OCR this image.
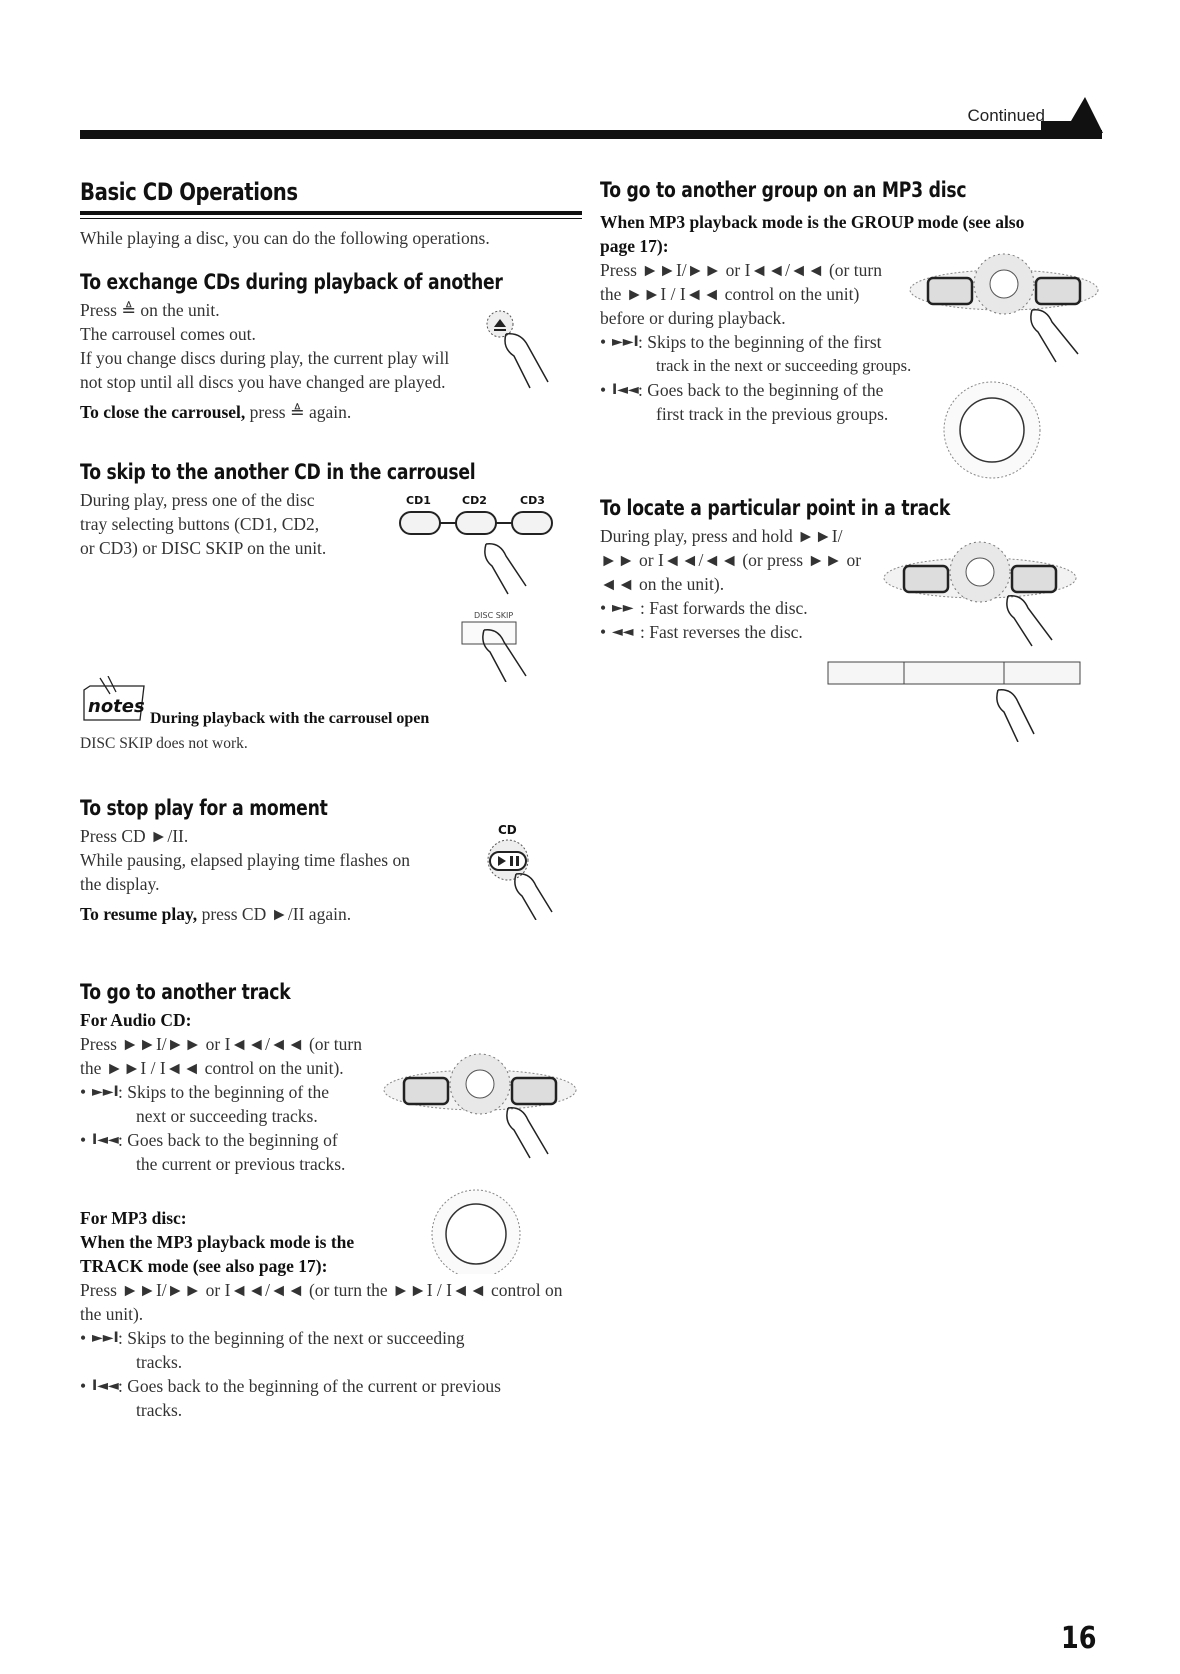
Continued
Basic CD Operations
While playing a disc, you can do the following operations.
To exchange CDs during playback of another
Press ≜ on the unit.
The carrousel comes out.
If you change discs during play, the current play will
not stop until all discs you have changed are played.
To close the carrousel, press ≜ again.
To skip to the another CD in the carrousel
During play, press one of the disc
tray selecting buttons (CD1, CD2,
or CD3) or DISC SKIP on the unit.
CD1	CD2	CD3
DISC SKIP
notes
During playback with the carrousel open
DISC SKIP does not work.
To stop play for a moment
Press CD ►/II.
While pausing, elapsed playing time flashes on
the display.
To resume play, press CD ►/II again.
CD
To go to another track
For Audio CD:
Press ►►I/►► or I◄◄/◄◄ (or turn
the ►►I / I◄◄ control on the unit).
• ►►I : Skips to the beginning of the
next or succeeding tracks.
• I◄◄ : Goes back to the beginning of
the current or previous tracks.
For MP3 disc:
When the MP3 playback mode is the
TRACK mode (see also page 17):
Press ►►I/►► or I◄◄/◄◄ (or turn the ►►I / I◄◄ control on
the unit).
• ►►I : Skips to the beginning of the next or succeeding
tracks.
• I◄◄ : Goes back to the beginning of the current or previous
tracks.
To go to another group on an MP3 disc
When MP3 playback mode is the GROUP mode (see also
page 17):
Press ►►I/►► or I◄◄/◄◄ (or turn
the ►►I / I◄◄ control on the unit)
before or during playback.
• ►►I : Skips to the beginning of the first
track in the next or succeeding groups.
• I◄◄ : Goes back to the beginning of the
first track in the previous groups.
To locate a particular point in a track
During play, press and hold ►►I/
►► or I◄◄/◄◄ (or press ►► or
◄◄ on the unit).
• ►► : Fast forwards the disc.
• ◄◄ : Fast reverses the disc.
16
